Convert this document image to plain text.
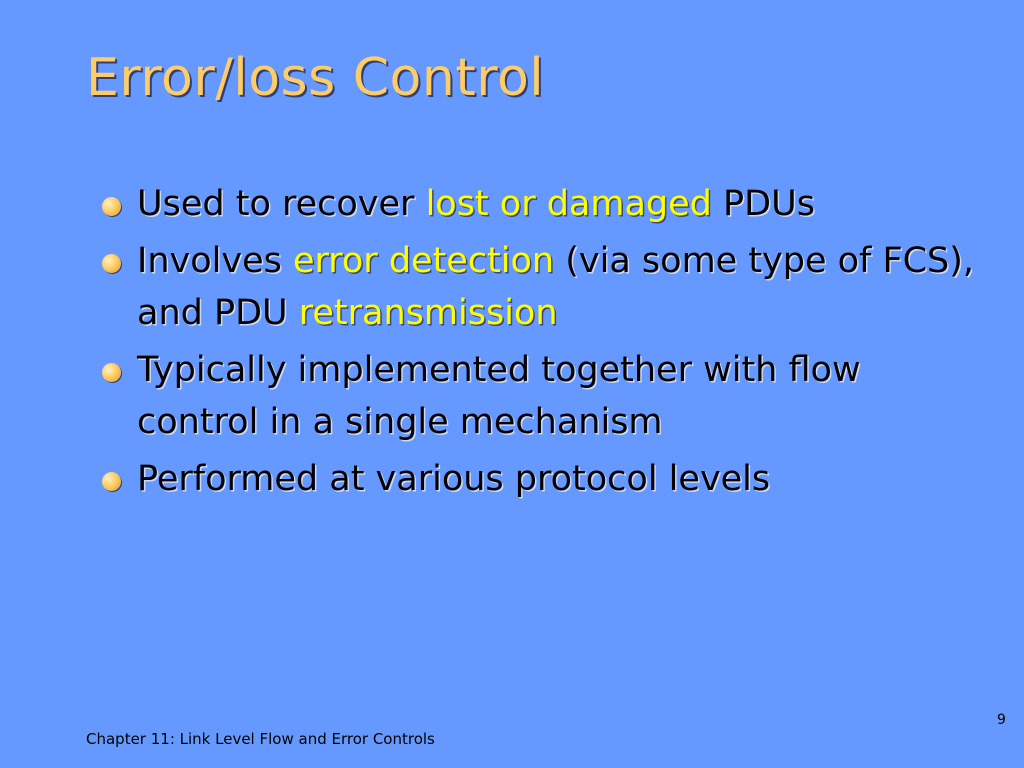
Error/loss Control
Used to recover lost or damaged PDUs
Involves error detection (via some type of FCS), and PDU retransmission
Typically implemented together with flow control in a single mechanism
Performed at various protocol levels
Chapter 11: Link Level Flow and Error Controls
9
